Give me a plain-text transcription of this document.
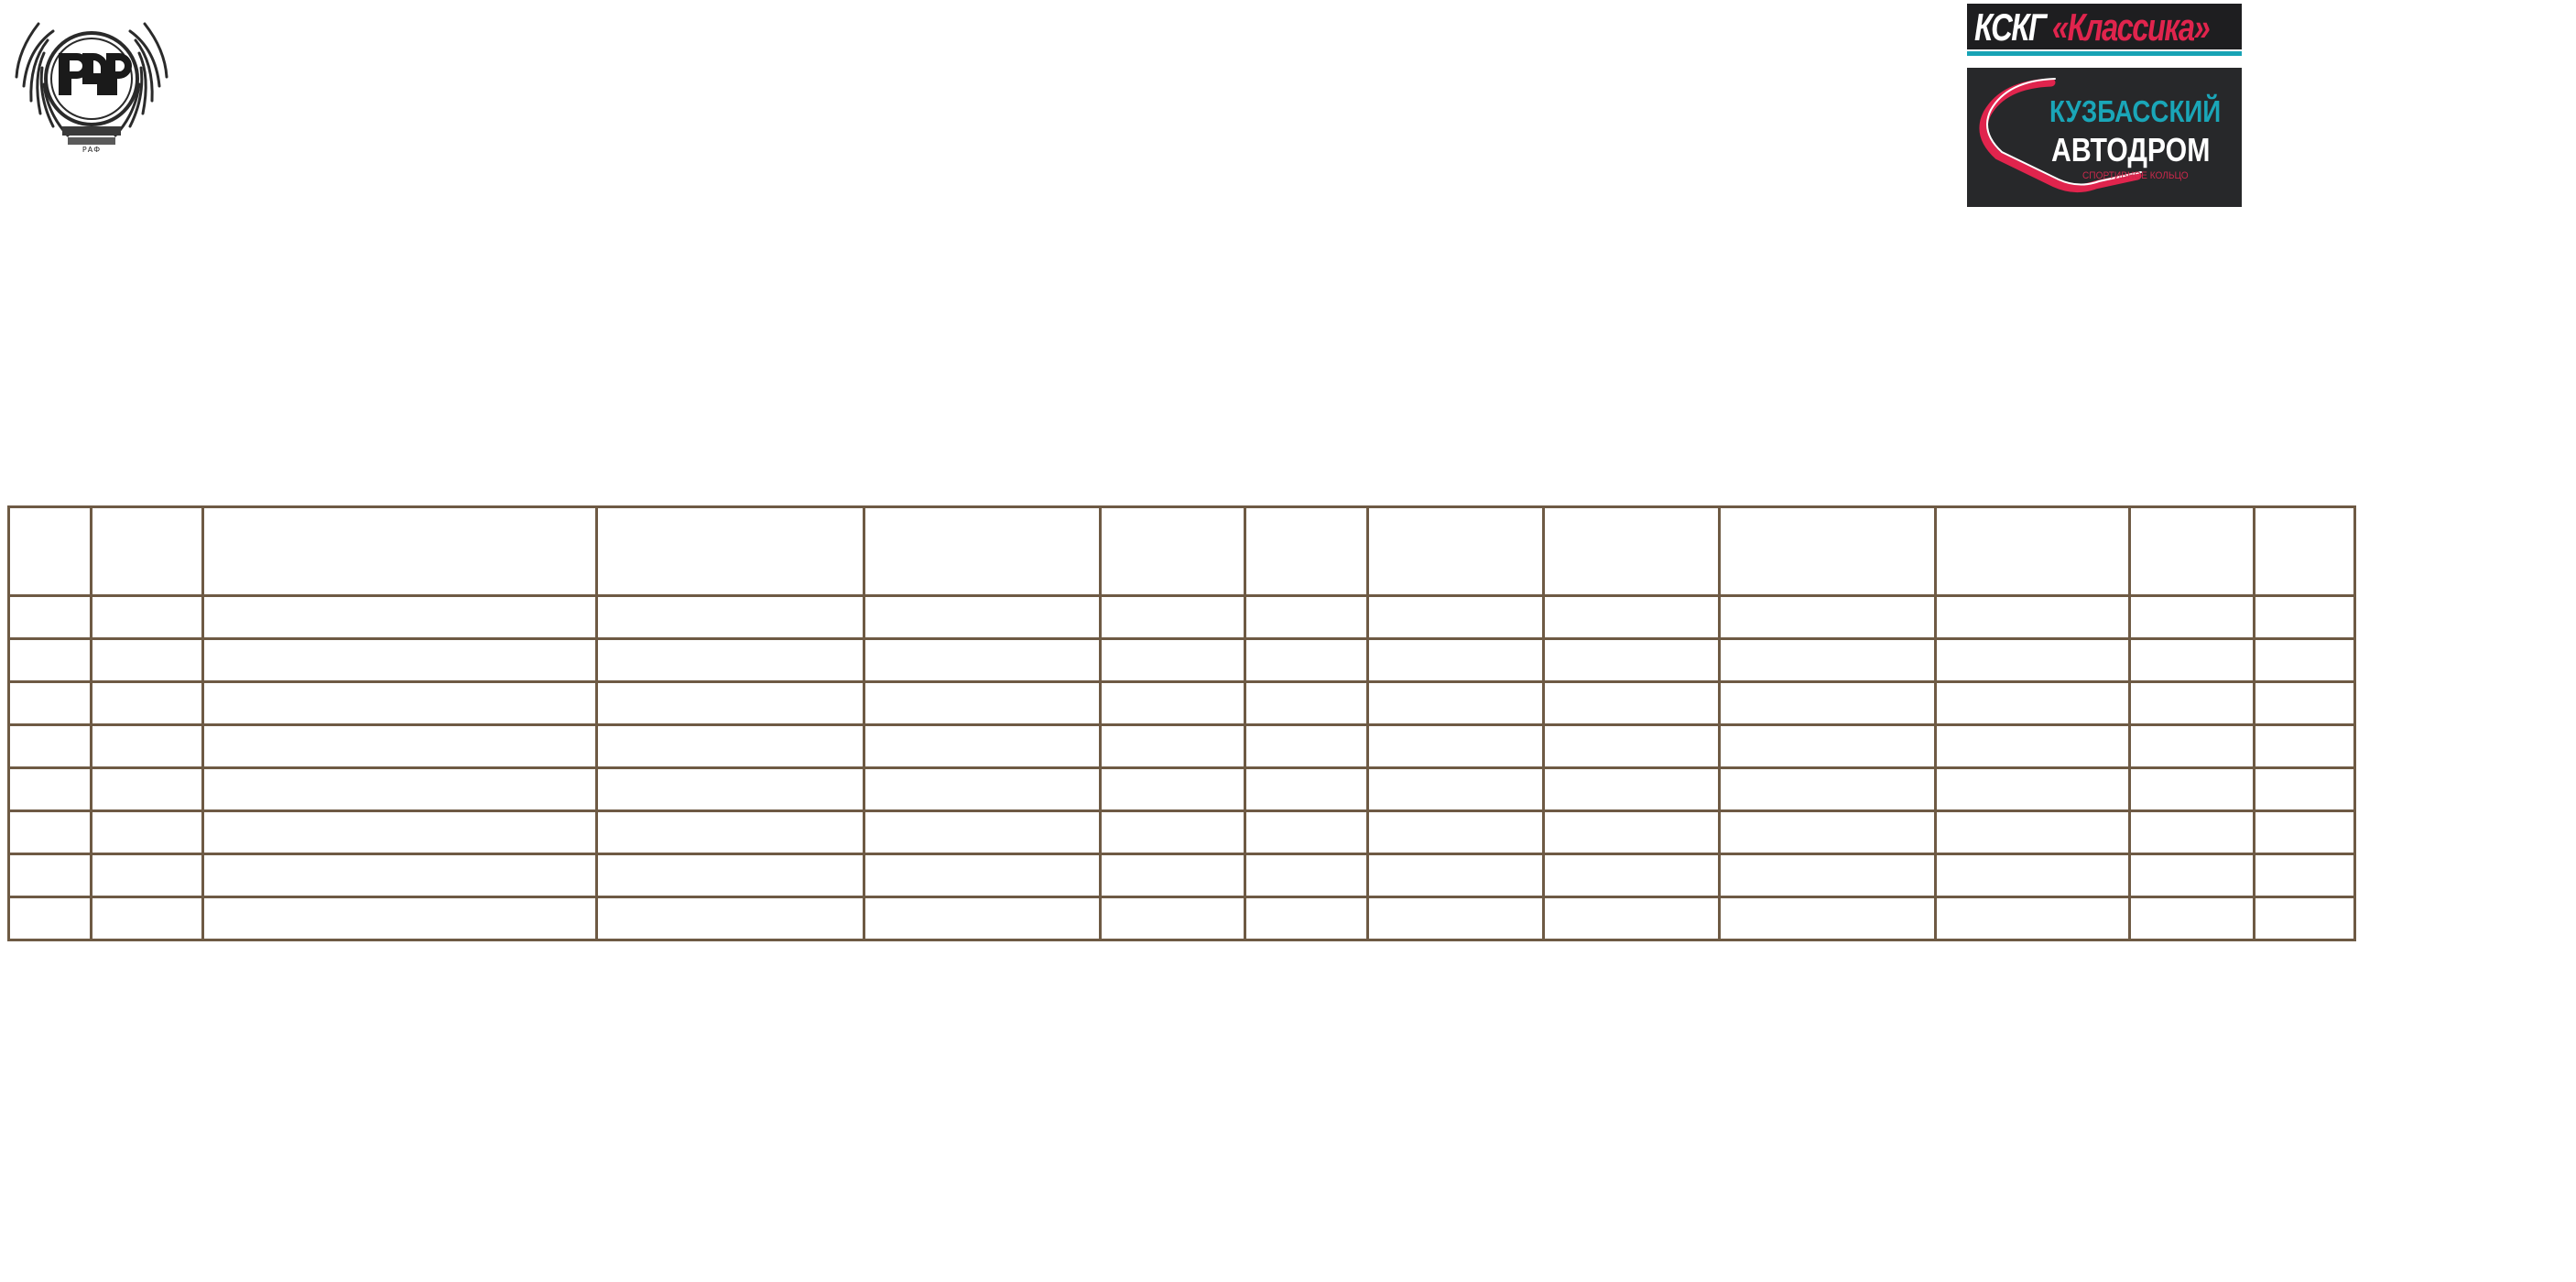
РАФ
КСКГ «Классика»
КУЗБАССКИЙ
АВТОДРОМ
СПОРТИВНОЕ КОЛЬЦО
